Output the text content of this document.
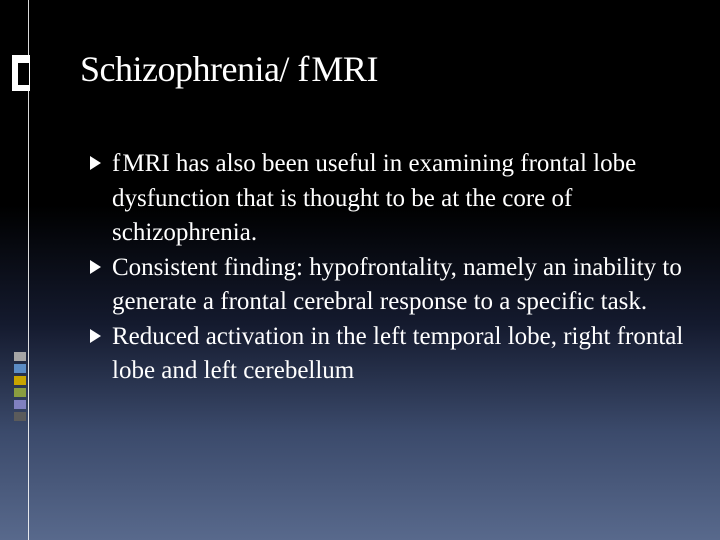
Schizophrenia/ f MRI
f MRI has also been useful in examining frontal lobe dysfunction that is thought to be at the core of schizophrenia.
Consistent finding: hypofrontality, namely an inability to generate a frontal cerebral response to a specific task.
Reduced activation in the left temporal lobe, right frontal lobe and left cerebellum
